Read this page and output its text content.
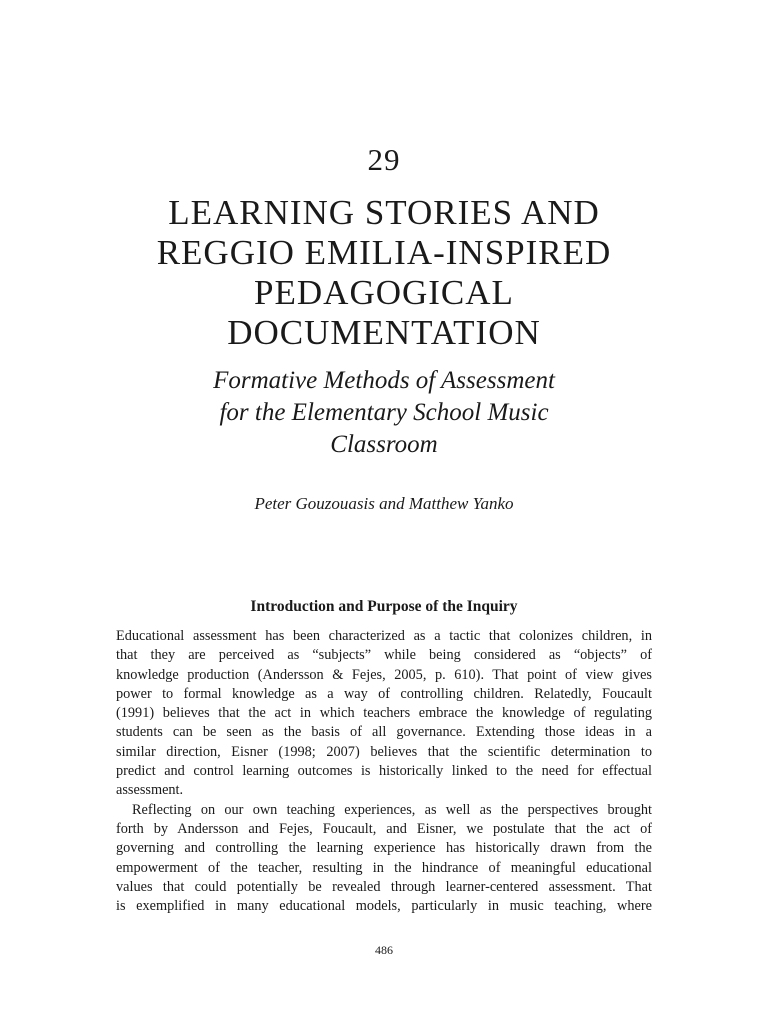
29
LEARNING STORIES AND
REGGIO EMILIA-INSPIRED
PEDAGOGICAL
DOCUMENTATION
Formative Methods of Assessment
for the Elementary School Music
Classroom
Peter Gouzouasis and Matthew Yanko
Introduction and Purpose of the Inquiry
Educational assessment has been characterized as a tactic that colonizes children, in
that they are perceived as “subjects” while being considered as “objects” of
knowledge production (Andersson & Fejes, 2005, p. 610). That point of view gives
power to formal knowledge as a way of controlling children. Relatedly, Foucault
(1991) believes that the act in which teachers embrace the knowledge of regulating
students can be seen as the basis of all governance. Extending those ideas in a
similar direction, Eisner (1998; 2007) believes that the scientific determination to
predict and control learning outcomes is historically linked to the need for effectual
assessment.
Reflecting on our own teaching experiences, as well as the perspectives brought
forth by Andersson and Fejes, Foucault, and Eisner, we postulate that the act of
governing and controlling the learning experience has historically drawn from the
empowerment of the teacher, resulting in the hindrance of meaningful educational
values that could potentially be revealed through learner-centered assessment. That
is exemplified in many educational models, particularly in music teaching, where
486
